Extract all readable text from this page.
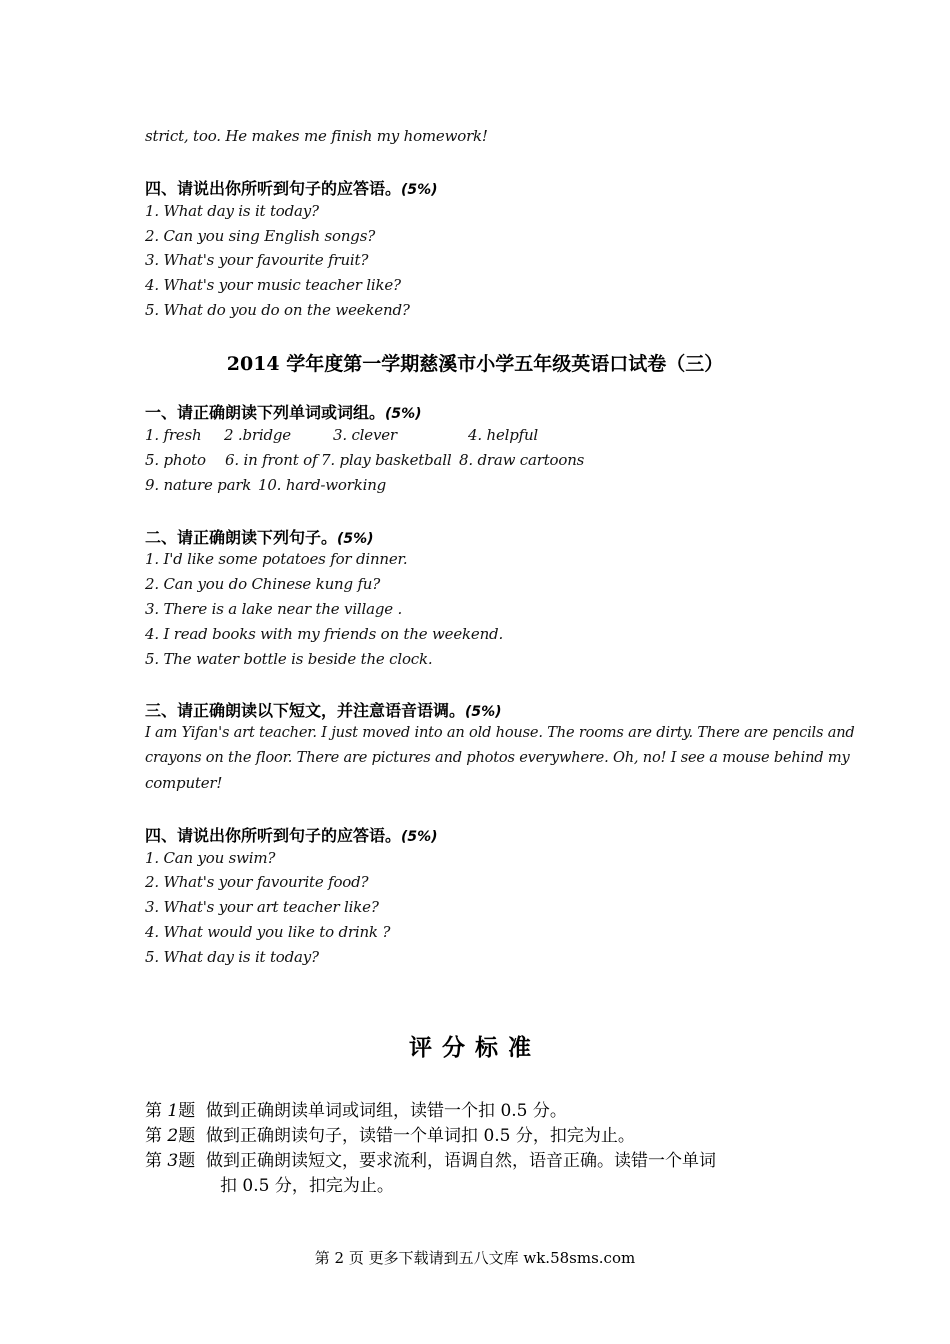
strict, too. He makes me finish my homework!
四、请说出你所听到句子的应答语。(5%)
1. What day is it today?
2. Can you sing English songs?
3. What's your favourite fruit?
4. What's your music teacher like?
5. What do you do on the weekend?
2014 学年度第一学期慈溪市小学五年级英语口试卷（三）
一、请正确朗读下列单词或词组。(5%)
1. fresh 2 .bridge	3. clever	4. helpful
5. photo 6. in front of 7. play basketball 8. draw cartoons
9. nature park 10. hard-working
二、请正确朗读下列句子。(5%)
1. I'd like some potatoes for dinner.
2. Can you do Chinese kung fu?
3. There is a lake near the village .
4. I read books with my friends on the weekend.
5. The water bottle is beside the clock.
三、请正确朗读以下短文，并注意语音语调。(5%)
I am Yifan's art teacher. I just moved into an old house. The rooms are dirty. There are pencils and
crayons on the floor. There are pictures and photos everywhere. Oh, no! I see a mouse behind my
computer!
四、请说出你所听到句子的应答语。(5%)
1. Can you swim?
2. What's your favourite food?
3. What's your art teacher like?
4. What would you like to drink ?
5. What day is it today?
评分标准
第 1题 做到正确朗读单词或词组，读错一个扣 0.5 分。
第 2题 做到正确朗读句子，读错一个单词扣 0.5 分，扣完为止。
第 3题 做到正确朗读短文，要求流利，语调自然，语音正确。读错一个单词
扣 0.5 分，扣完为止。
第 2 页 更多下载请到五八文库 wk.58sms.com
